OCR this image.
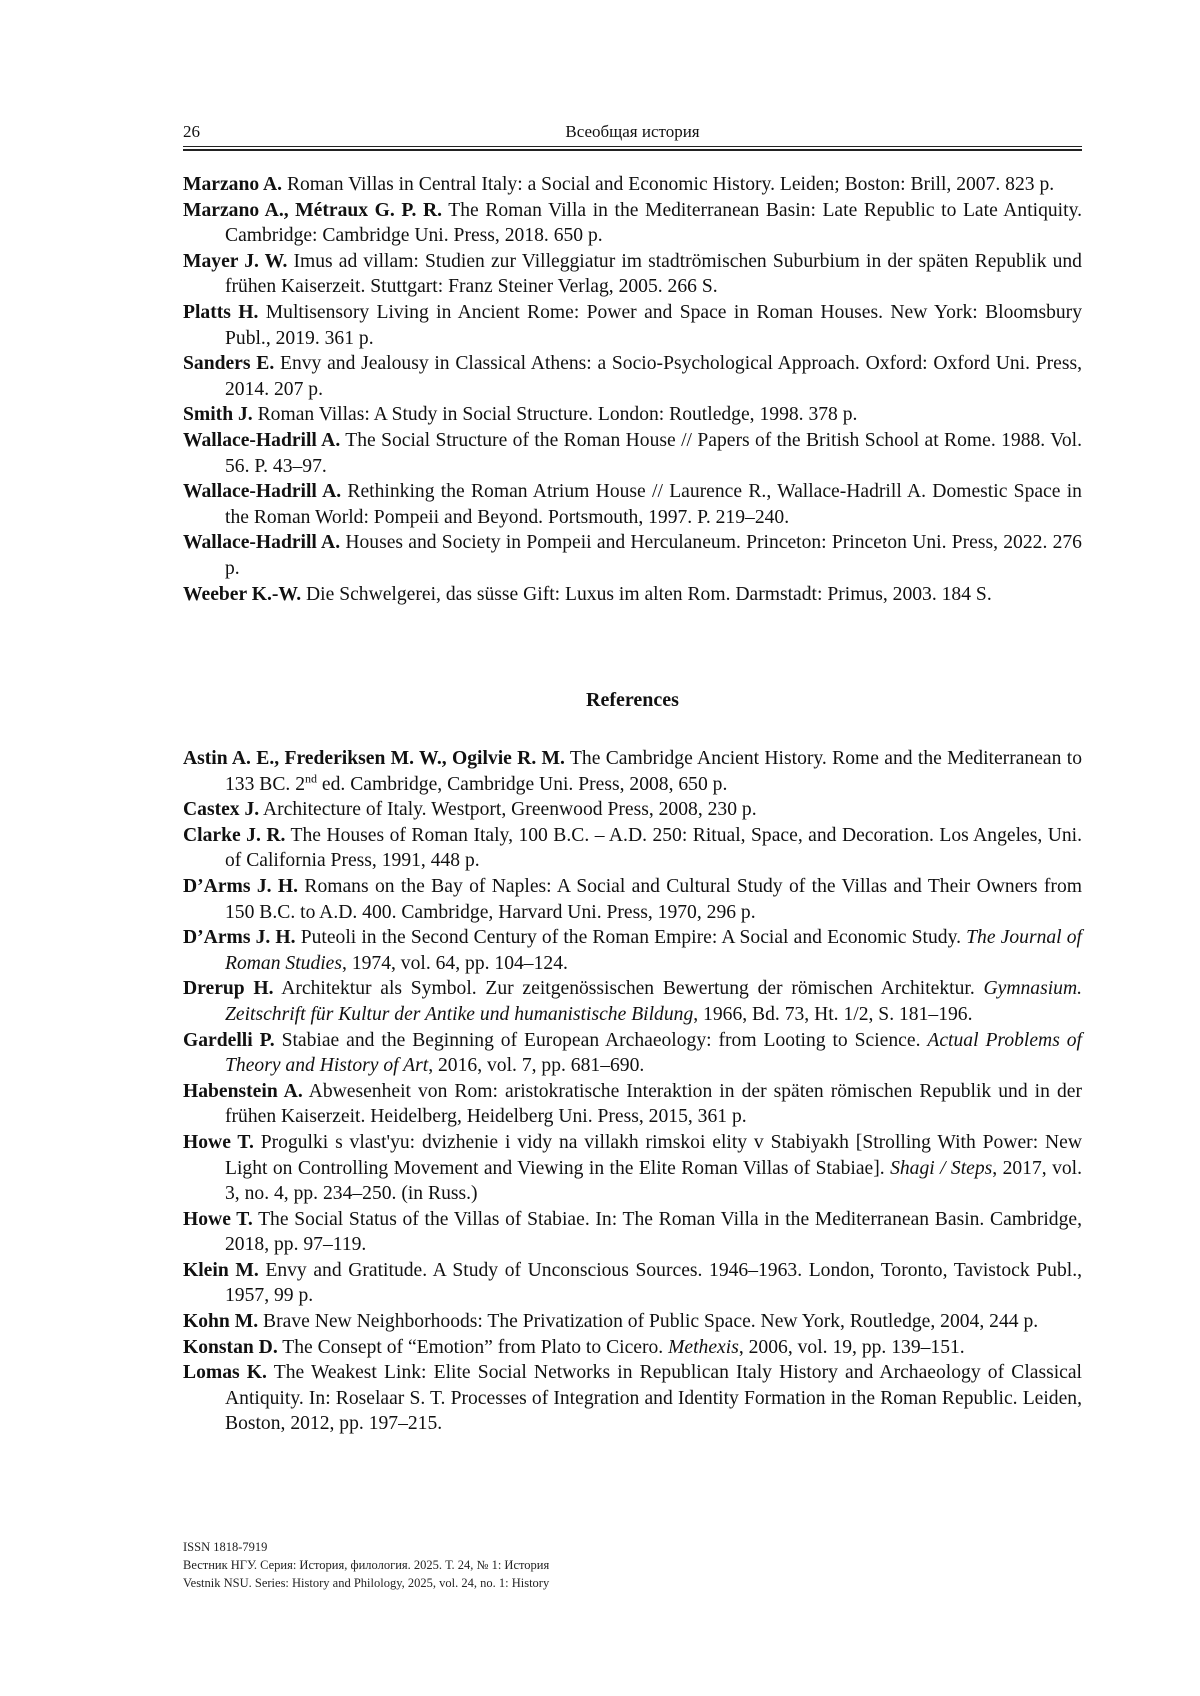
26	Всеобщая история

Marzano A. Roman Villas in Central Italy: a Social and Economic History. Leiden; Boston: Brill, 2007. 823 p.

Marzano A., Métraux G. P. R. The Roman Villa in the Mediterranean Basin: Late Republic to Late Antiquity. Cambridge: Cambridge Uni. Press, 2018. 650 p.

Mayer J. W. Imus ad villam: Studien zur Villeggiatur im stadtrömischen Suburbium in der späten Republik und frühen Kaiserzeit. Stuttgart: Franz Steiner Verlag, 2005. 266 S.

Platts H. Multisensory Living in Ancient Rome: Power and Space in Roman Houses. New York: Bloomsbury Publ., 2019. 361 p.

Sanders E. Envy and Jealousy in Classical Athens: a Socio-Psychological Approach. Oxford: Oxford Uni. Press, 2014. 207 p.

Smith J. Roman Villas: A Study in Social Structure. London: Routledge, 1998. 378 p.

Wallace-Hadrill A. The Social Structure of the Roman House // Papers of the British School at Rome. 1988. Vol. 56. P. 43–97.

Wallace-Hadrill A. Rethinking the Roman Atrium House // Laurence R., Wallace-Hadrill A. Domestic Space in the Roman World: Pompeii and Beyond. Portsmouth, 1997. P. 219–240.

Wallace-Hadrill A. Houses and Society in Pompeii and Herculaneum. Princeton: Princeton Uni. Press, 2022. 276 p.

Weeber K.-W. Die Schwelgerei, das süsse Gift: Luxus im alten Rom. Darmstadt: Primus, 2003. 184 S.

References

Astin A. E., Frederiksen M. W., Ogilvie R. M. The Cambridge Ancient History. Rome and the Mediterranean to 133 BC. 2nd ed. Cambridge, Cambridge Uni. Press, 2008, 650 p.

Castex J. Architecture of Italy. Westport, Greenwood Press, 2008, 230 p.

Clarke J. R. The Houses of Roman Italy, 100 B.C. – A.D. 250: Ritual, Space, and Decoration. Los Angeles, Uni. of California Press, 1991, 448 p.

D’Arms J. H. Romans on the Bay of Naples: A Social and Cultural Study of the Villas and Their Owners from 150 B.C. to A.D. 400. Cambridge, Harvard Uni. Press, 1970, 296 p.

D’Arms J. H. Puteoli in the Second Century of the Roman Empire: A Social and Economic Study. The Journal of Roman Studies, 1974, vol. 64, pp. 104–124.

Drerup H. Architektur als Symbol. Zur zeitgenössischen Bewertung der römischen Architektur. Gymnasium. Zeitschrift für Kultur der Antike und humanistische Bildung, 1966, Bd. 73, Ht. 1/2, S. 181–196.

Gardelli P. Stabiae and the Beginning of European Archaeology: from Looting to Science. Actual Problems of Theory and History of Art, 2016, vol. 7, pp. 681–690.

Habenstein A. Abwesenheit von Rom: aristokratische Interaktion in der späten römischen Republik und in der frühen Kaiserzeit. Heidelberg, Heidelberg Uni. Press, 2015, 361 p.

Howe T. Progulki s vlast'yu: dvizhenie i vidy na villakh rimskoi elity v Stabiyakh [Strolling With Power: New Light on Controlling Movement and Viewing in the Elite Roman Villas of Stabiae]. Shagi / Steps, 2017, vol. 3, no. 4, pp. 234–250. (in Russ.)

Howe T. The Social Status of the Villas of Stabiae. In: The Roman Villa in the Mediterranean Basin. Cambridge, 2018, pp. 97–119.

Klein M. Envy and Gratitude. A Study of Unconscious Sources. 1946–1963. London, Toronto, Tavistock Publ., 1957, 99 p.

Kohn M. Brave New Neighborhoods: The Privatization of Public Space. New York, Routledge, 2004, 244 p.

Konstan D. The Consept of “Emotion” from Plato to Cicero. Methexis, 2006, vol. 19, pp. 139–151.

Lomas K. The Weakest Link: Elite Social Networks in Republican Italy History and Archaeology of Classical Antiquity. In: Roselaar S. T. Processes of Integration and Identity Formation in the Roman Republic. Leiden, Boston, 2012, pp. 197–215.

ISSN 1818-7919
Вестник НГУ. Серия: История, филология. 2025. Т. 24, № 1: История
Vestnik NSU. Series: History and Philology, 2025, vol. 24, no. 1: History
